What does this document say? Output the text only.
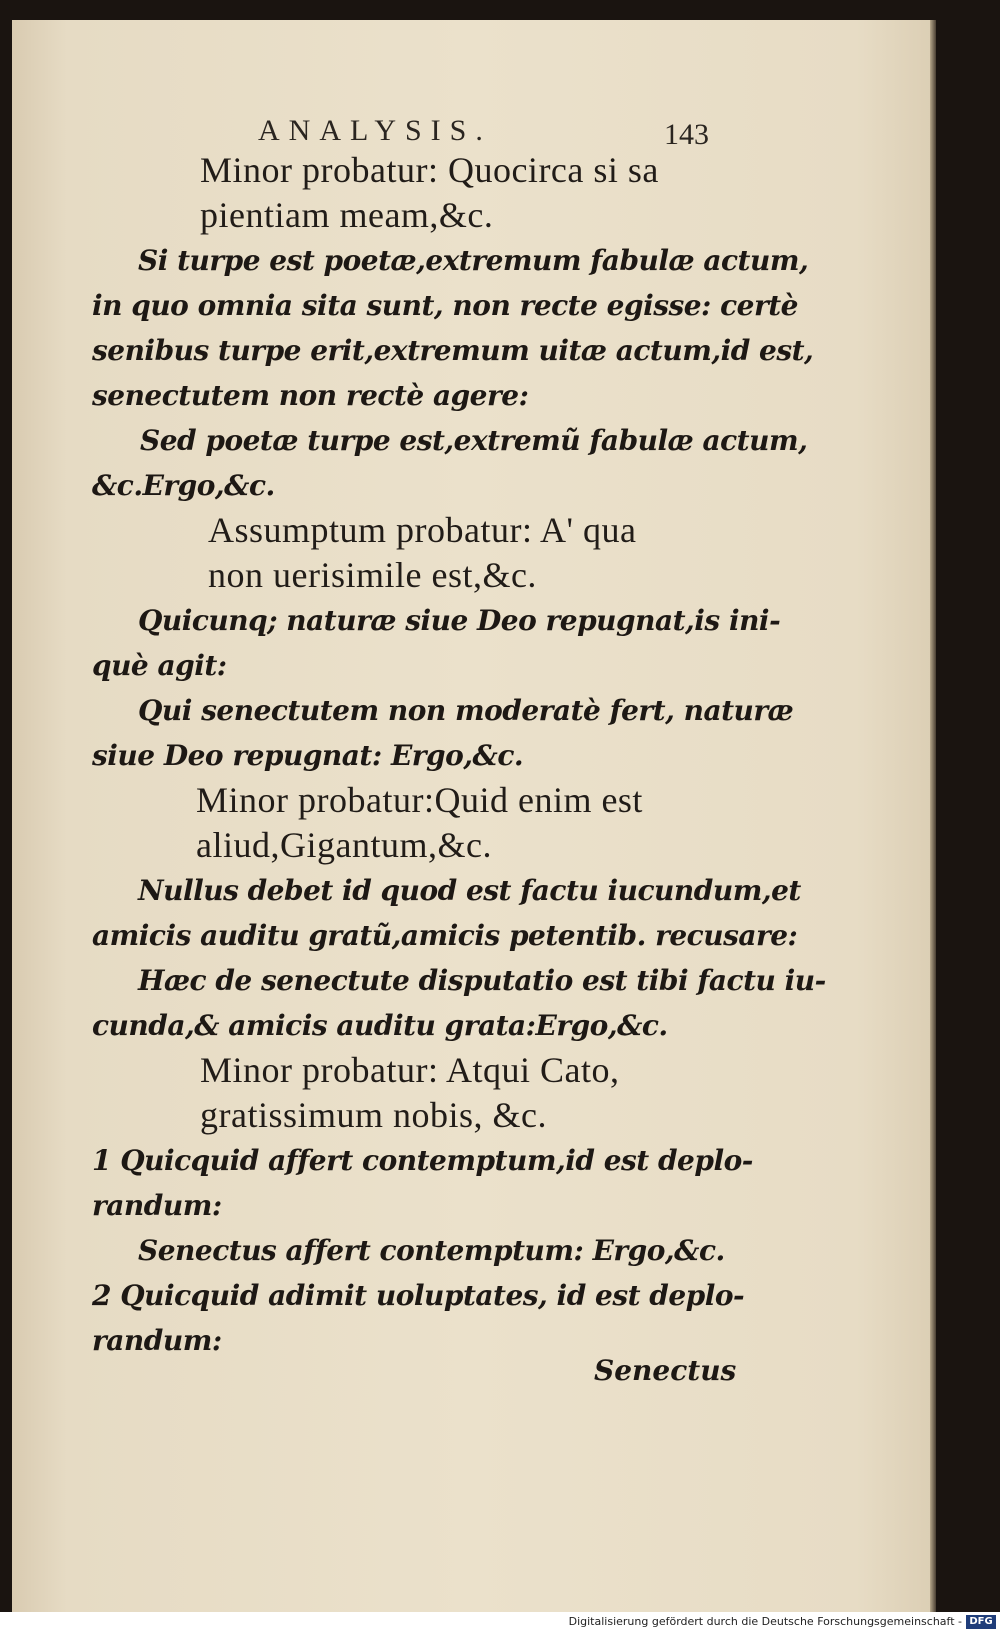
ANALYSIS.	143
Minor probatur: Quocirca si sa
pientiam meam,&c.
Si turpe est poetæ,extremum fabulæ actum,
in quo omnia sita sunt, non recte egisse: certè
senibus turpe erit,extremum uitæ actum,id est,
senectutem non rectè agere:
Sed poetæ turpe est,extremũ fabulæ actum,
&c.Ergo,&c.
Assumptum probatur: A' qua
non uerisimile est,&c.
Quicunq; naturæ siue Deo repugnat,is ini-
què agit:
Qui senectutem non moderatè fert, naturæ
siue Deo repugnat: Ergo,&c.
Minor probatur:Quid enim est
aliud,Gigantum,&c.
Nullus debet id quod est factu iucundum,et
amicis auditu gratũ,amicis petentib. recusare:
Hæc de senectute disputatio est tibi factu iu-
cunda,& amicis auditu grata:Ergo,&c.
Minor probatur: Atqui Cato,
gratissimum nobis, &c.
1 Quicquid affert contemptum,id est deplo-
randum:
Senectus affert contemptum: Ergo,&c.
2 Quicquid adimit uoluptates, id est deplo-
randum:
Senectus
Digitalisierung gefördert durch die Deutsche Forschungsgemeinschaft - DFG
